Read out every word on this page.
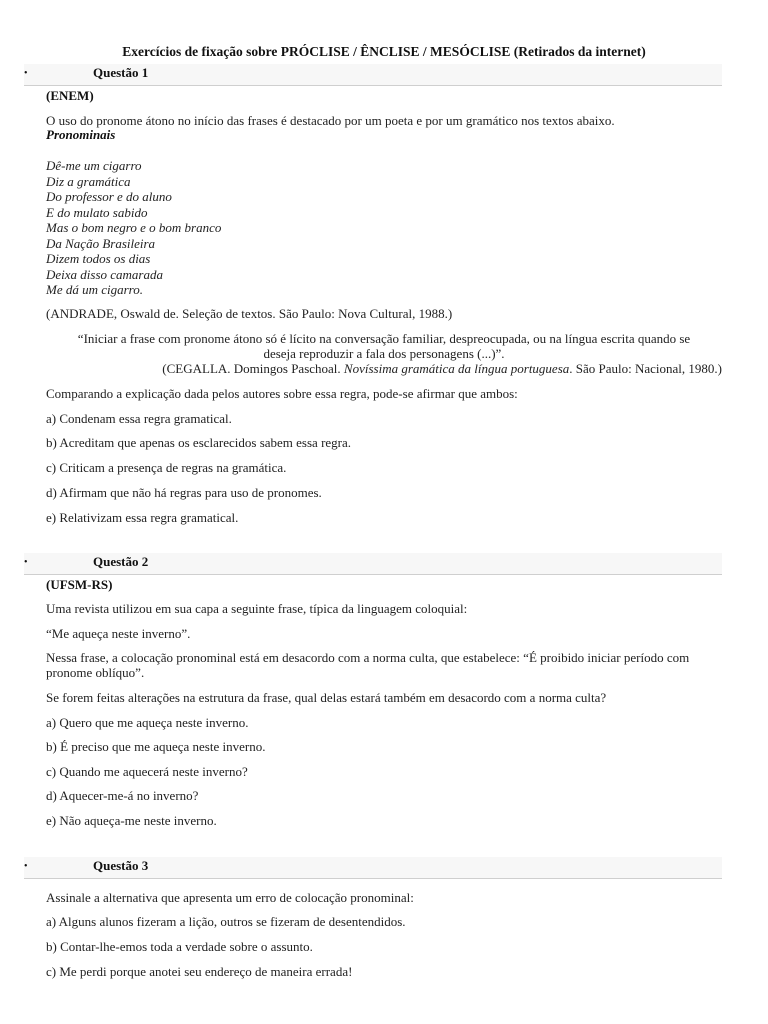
Exercícios de fixação sobre PRÓCLISE / ÊNCLISE / MESÓCLISE (Retirados da internet)
•	Questão 1
(ENEM)
O uso do pronome átono no início das frases é destacado por um poeta e por um gramático nos textos abaixo.
Pronominais
Dê-me um cigarro
Diz a gramática
Do professor e do aluno
E do mulato sabido
Mas o bom negro e o bom branco
Da Nação Brasileira
Dizem todos os dias
Deixa disso camarada
Me dá um cigarro.
(ANDRADE, Oswald de. Seleção de textos. São Paulo: Nova Cultural, 1988.)
“Iniciar a frase com pronome átono só é lícito na conversação familiar, despreocupada, ou na língua escrita quando se
deseja reproduzir a fala dos personagens (...)”.
(CEGALLA. Domingos Paschoal. Novíssima gramática da língua portuguesa. São Paulo: Nacional, 1980.)
Comparando a explicação dada pelos autores sobre essa regra, pode-se afirmar que ambos:
a) Condenam essa regra gramatical.
b) Acreditam que apenas os esclarecidos sabem essa regra.
c) Criticam a presença de regras na gramática.
d) Afirmam que não há regras para uso de pronomes.
e) Relativizam essa regra gramatical.
•	Questão 2
(UFSM-RS)
Uma revista utilizou em sua capa a seguinte frase, típica da linguagem coloquial:
“Me aqueça neste inverno”.
Nessa frase, a colocação pronominal está em desacordo com a norma culta, que estabelece: “É proibido iniciar período com pronome oblíquo”.
Se forem feitas alterações na estrutura da frase, qual delas estará também em desacordo com a norma culta?
a) Quero que me aqueça neste inverno.
b) É preciso que me aqueça neste inverno.
c) Quando me aquecerá neste inverno?
d) Aquecer-me-á no inverno?
e) Não aqueça-me neste inverno.
•	Questão 3
Assinale a alternativa que apresenta um erro de colocação pronominal:
a) Alguns alunos fizeram a lição, outros se fizeram de desentendidos.
b) Contar-lhe-emos toda a verdade sobre o assunto.
c) Me perdi porque anotei seu endereço de maneira errada!
